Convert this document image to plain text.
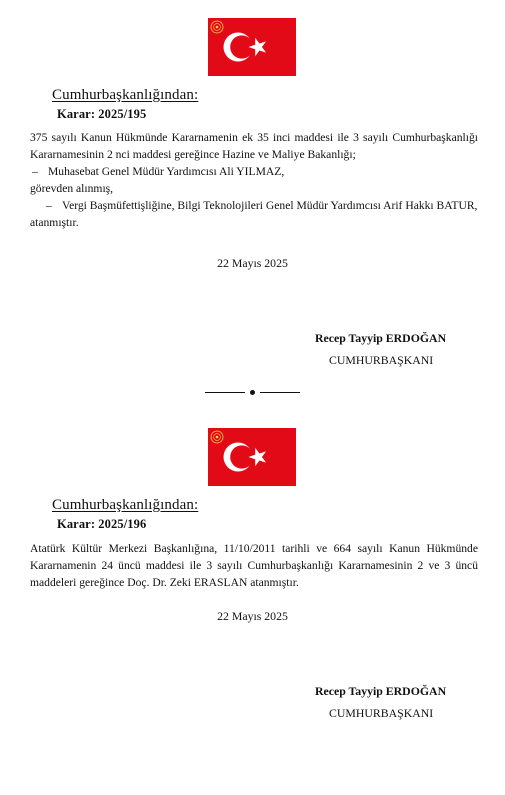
Cumhurbaşkanlığından:
Karar: 2025/195

375 sayılı Kanun Hükmünde Kararnamenin ek 35 inci maddesi ile 3 sayılı Cumhurbaşkanlığı Kararnamesinin 2 nci maddesi gereğince Hazine ve Maliye Bakanlığı;

– Muhasebat Genel Müdür Yardımcısı Ali YILMAZ,

görevden alınmış,

– Vergi Başmüfettişliğine, Bilgi Teknolojileri Genel Müdür Yardımcısı Arif Hakkı BATUR,

atanmıştır.

22 Mayıs 2025
Recep Tayyip ERDOĞAN
CUMHURBAŞKANI
Cumhurbaşkanlığından:
Karar: 2025/196

Atatürk Kültür Merkezi Başkanlığına, 11/10/2011 tarihli ve 664 sayılı Kanun Hükmünde Kararnamenin 24 üncü maddesi ile 3 sayılı Cumhurbaşkanlığı Kararnamesinin 2 ve 3 üncü maddeleri gereğince Doç. Dr. Zeki ERASLAN atanmıştır.

22 Mayıs 2025
Recep Tayyip ERDOĞAN
CUMHURBAŞKANI
